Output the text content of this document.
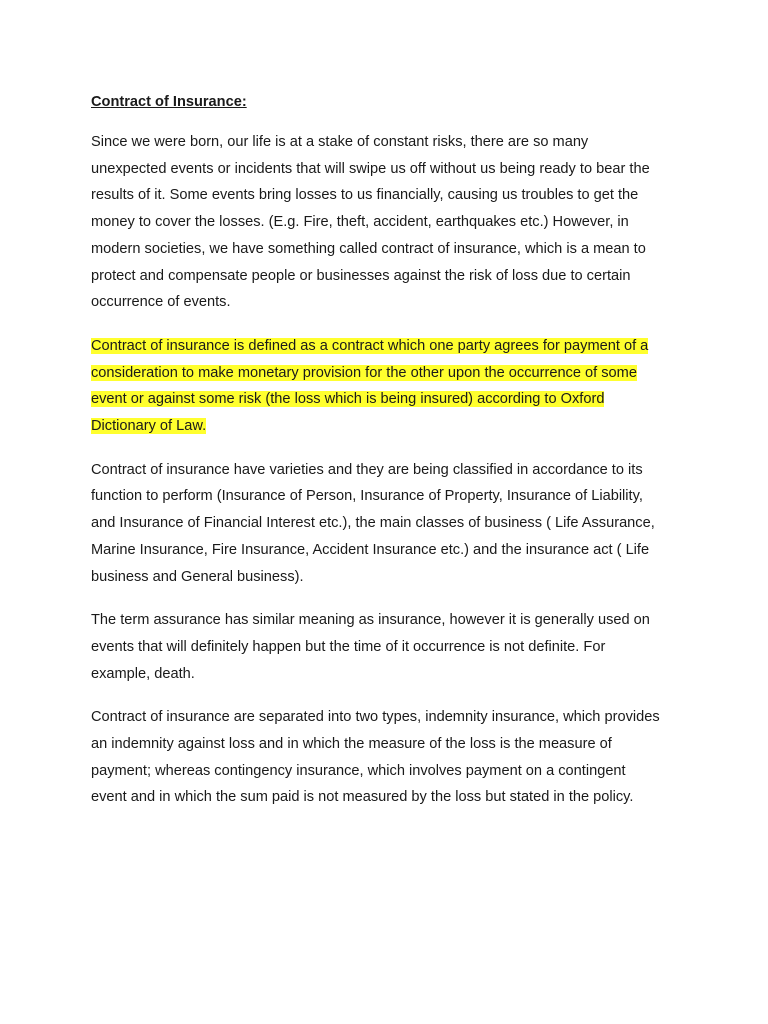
Contract of Insurance:

Since we were born, our life is at a stake of constant risks, there are so many
unexpected events or incidents that will swipe us off without us being ready to bear the
results of it. Some events bring losses to us financially, causing us troubles to get the
money to cover the losses. (E.g. Fire, theft, accident, earthquakes etc.) However, in
modern societies, we have something called contract of insurance, which is a mean to
protect and compensate people or businesses against the risk of loss due to certain
occurrence of events.

Contract of insurance is defined as a contract which one party agrees for payment of a
consideration to make monetary provision for the other upon the occurrence of some
event or against some risk (the loss which is being insured) according to Oxford
Dictionary of Law.

Contract of insurance have varieties and they are being classified in accordance to its
function to perform (Insurance of Person, Insurance of Property, Insurance of Liability,
and Insurance of Financial Interest etc.), the main classes of business ( Life Assurance,
Marine Insurance, Fire Insurance, Accident Insurance etc.) and the insurance act ( Life
business and General business).

The term assurance has similar meaning as insurance, however it is generally used on
events that will definitely happen but the time of it occurrence is not definite. For
example, death.

Contract of insurance are separated into two types, indemnity insurance, which provides
an indemnity against loss and in which the measure of the loss is the measure of
payment; whereas contingency insurance, which involves payment on a contingent
event and in which the sum paid is not measured by the loss but stated in the policy.
